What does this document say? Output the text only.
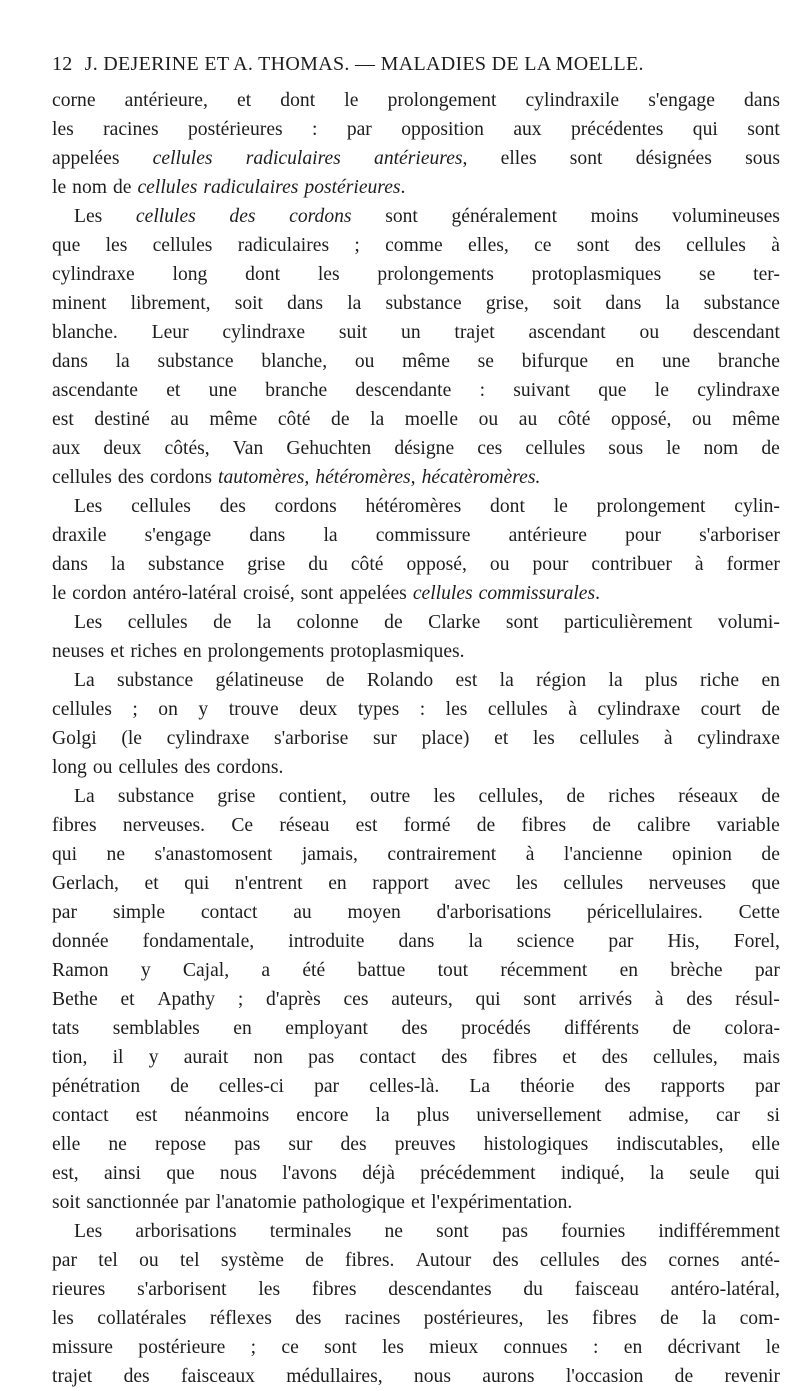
12 J. DEJERINE ET A. THOMAS. — MALADIES DE LA MOELLE.
corne antérieure, et dont le prolongement cylindraxile s'engage dans
les racines postérieures : par opposition aux précédentes qui sont
appelées cellules radiculaires antérieures, elles sont désignées sous
le nom de cellules radiculaires postérieures.
Les cellules des cordons sont généralement moins volumineuses
que les cellules radiculaires ; comme elles, ce sont des cellules à
cylindraxe long dont les prolongements protoplasmiques se ter-
minent librement, soit dans la substance grise, soit dans la substance
blanche. Leur cylindraxe suit un trajet ascendant ou descendant
dans la substance blanche, ou même se bifurque en une branche
ascendante et une branche descendante : suivant que le cylindraxe
est destiné au même côté de la moelle ou au côté opposé, ou même
aux deux côtés, Van Gehuchten désigne ces cellules sous le nom de
cellules des cordons tautomères, hétéromères, hécatèromères.
Les cellules des cordons hétéromères dont le prolongement cylin-
draxile s'engage dans la commissure antérieure pour s'arboriser
dans la substance grise du côté opposé, ou pour contribuer à former
le cordon antéro-latéral croisé, sont appelées cellules commissurales.
Les cellules de la colonne de Clarke sont particulièrement volumi-
neuses et riches en prolongements protoplasmiques.
La substance gélatineuse de Rolando est la région la plus riche en
cellules ; on y trouve deux types : les cellules à cylindraxe court de
Golgi (le cylindraxe s'arborise sur place) et les cellules à cylindraxe
long ou cellules des cordons.
La substance grise contient, outre les cellules, de riches réseaux de
fibres nerveuses. Ce réseau est formé de fibres de calibre variable
qui ne s'anastomosent jamais, contrairement à l'ancienne opinion de
Gerlach, et qui n'entrent en rapport avec les cellules nerveuses que
par simple contact au moyen d'arborisations péricellulaires. Cette
donnée fondamentale, introduite dans la science par His, Forel,
Ramon y Cajal, a été battue tout récemment en brèche par
Bethe et Apathy ; d'après ces auteurs, qui sont arrivés à des résul-
tats semblables en employant des procédés différents de colora-
tion, il y aurait non pas contact des fibres et des cellules, mais
pénétration de celles-ci par celles-là. La théorie des rapports par
contact est néanmoins encore la plus universellement admise, car si
elle ne repose pas sur des preuves histologiques indiscutables, elle
est, ainsi que nous l'avons déjà précédemment indiqué, la seule qui
soit sanctionnée par l'anatomie pathologique et l'expérimentation.
Les arborisations terminales ne sont pas fournies indifféremment
par tel ou tel système de fibres. Autour des cellules des cornes anté-
rieures s'arborisent les fibres descendantes du faisceau antéro-latéral,
les collatérales réflexes des racines postérieures, les fibres de la com-
missure postérieure ; ce sont les mieux connues : en décrivant le
trajet des faisceaux médullaires, nous aurons l'occasion de revenir
